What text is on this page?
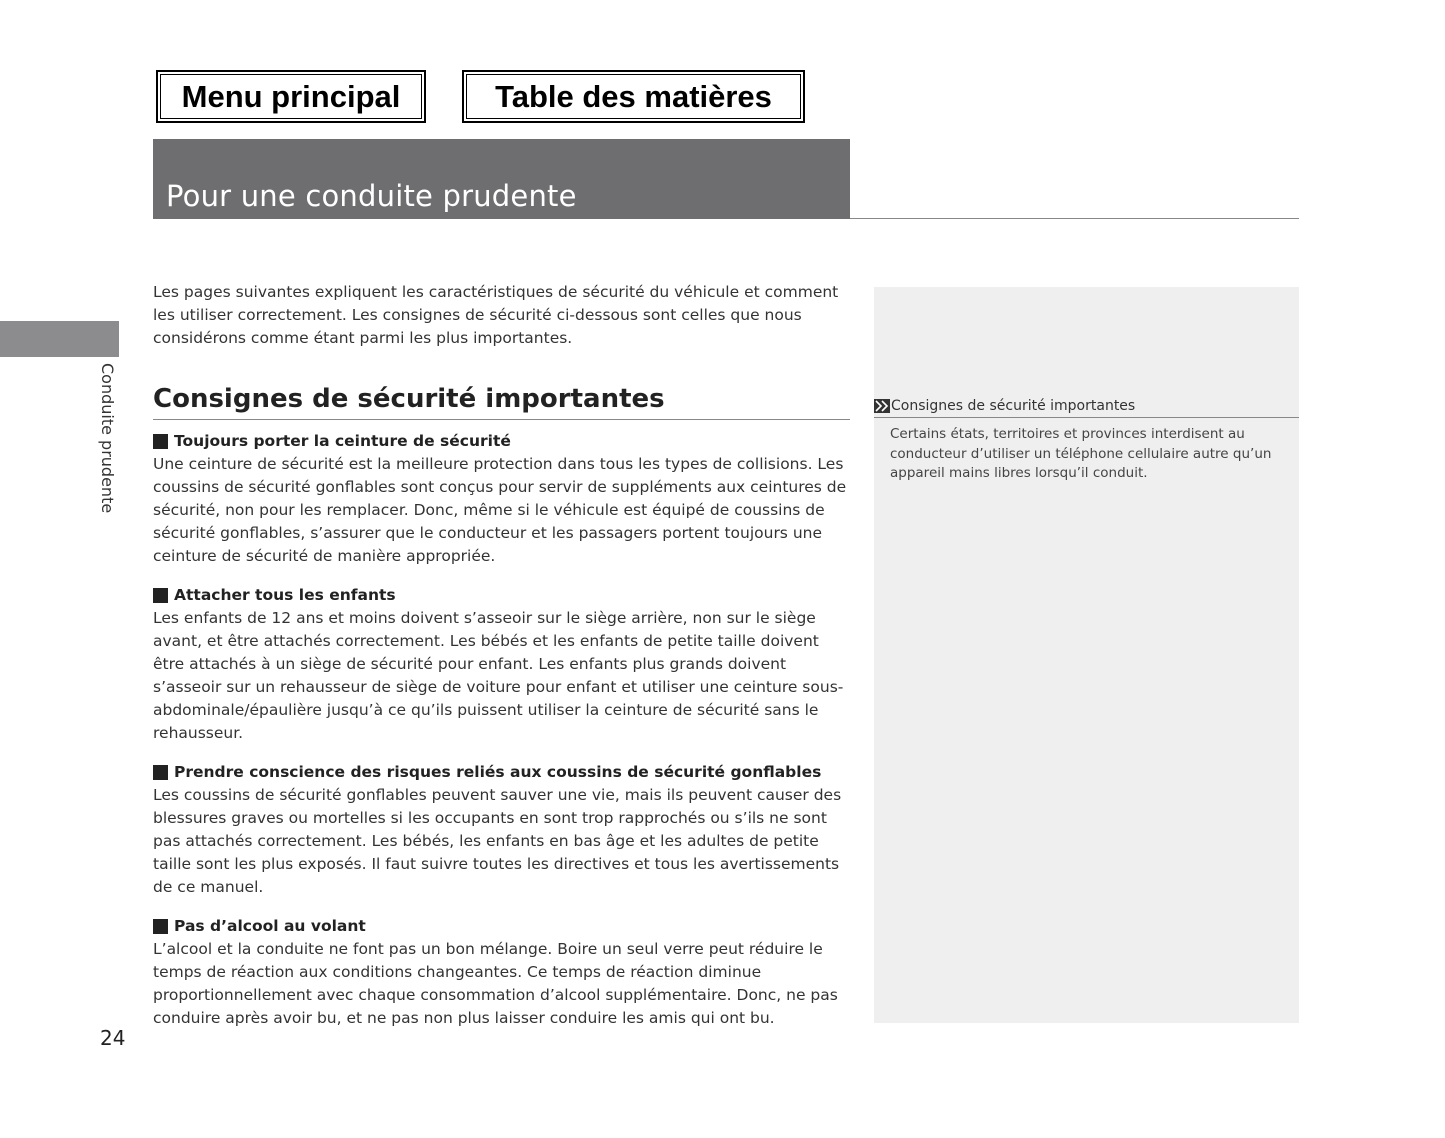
Menu principal	Table des matières
Pour une conduite prudente
Conduite prudente
24

Les pages suivantes expliquent les caractéristiques de sécurité du véhicule et comment les utiliser correctement. Les consignes de sécurité ci-dessous sont celles que nous considérons comme étant parmi les plus importantes.

Consignes de sécurité importantes
Toujours porter la ceinture de sécurité

Une ceinture de sécurité est la meilleure protection dans tous les types de collisions. Les coussins de sécurité gonflables sont conçus pour servir de suppléments aux ceintures de sécurité, non pour les remplacer. Donc, même si le véhicule est équipé de coussins de sécurité gonflables, s’assurer que le conducteur et les passagers portent toujours une ceinture de sécurité de manière appropriée.

Attacher tous les enfants

Les enfants de 12 ans et moins doivent s’asseoir sur le siège arrière, non sur le siège avant, et être attachés correctement. Les bébés et les enfants de petite taille doivent être attachés à un siège de sécurité pour enfant. Les enfants plus grands doivent s’asseoir sur un rehausseur de siège de voiture pour enfant et utiliser une ceinture sous-abdominale/épaulière jusqu’à ce qu’ils puissent utiliser la ceinture de sécurité sans le rehausseur.

Prendre conscience des risques reliés aux coussins de sécurité gonflables

Les coussins de sécurité gonflables peuvent sauver une vie, mais ils peuvent causer des blessures graves ou mortelles si les occupants en sont trop rapprochés ou s’ils ne sont pas attachés correctement. Les bébés, les enfants en bas âge et les adultes de petite taille sont les plus exposés. Il faut suivre toutes les directives et tous les avertissements de ce manuel.

Pas d’alcool au volant

L’alcool et la conduite ne font pas un bon mélange. Boire un seul verre peut réduire le temps de réaction aux conditions changeantes. Ce temps de réaction diminue proportionnellement avec chaque consommation d’alcool supplémentaire. Donc, ne pas conduire après avoir bu, et ne pas non plus laisser conduire les amis qui ont bu.

Consignes de sécurité importantes

Certains états, territoires et provinces interdisent au conducteur d’utiliser un téléphone cellulaire autre qu’un appareil mains libres lorsqu’il conduit.
